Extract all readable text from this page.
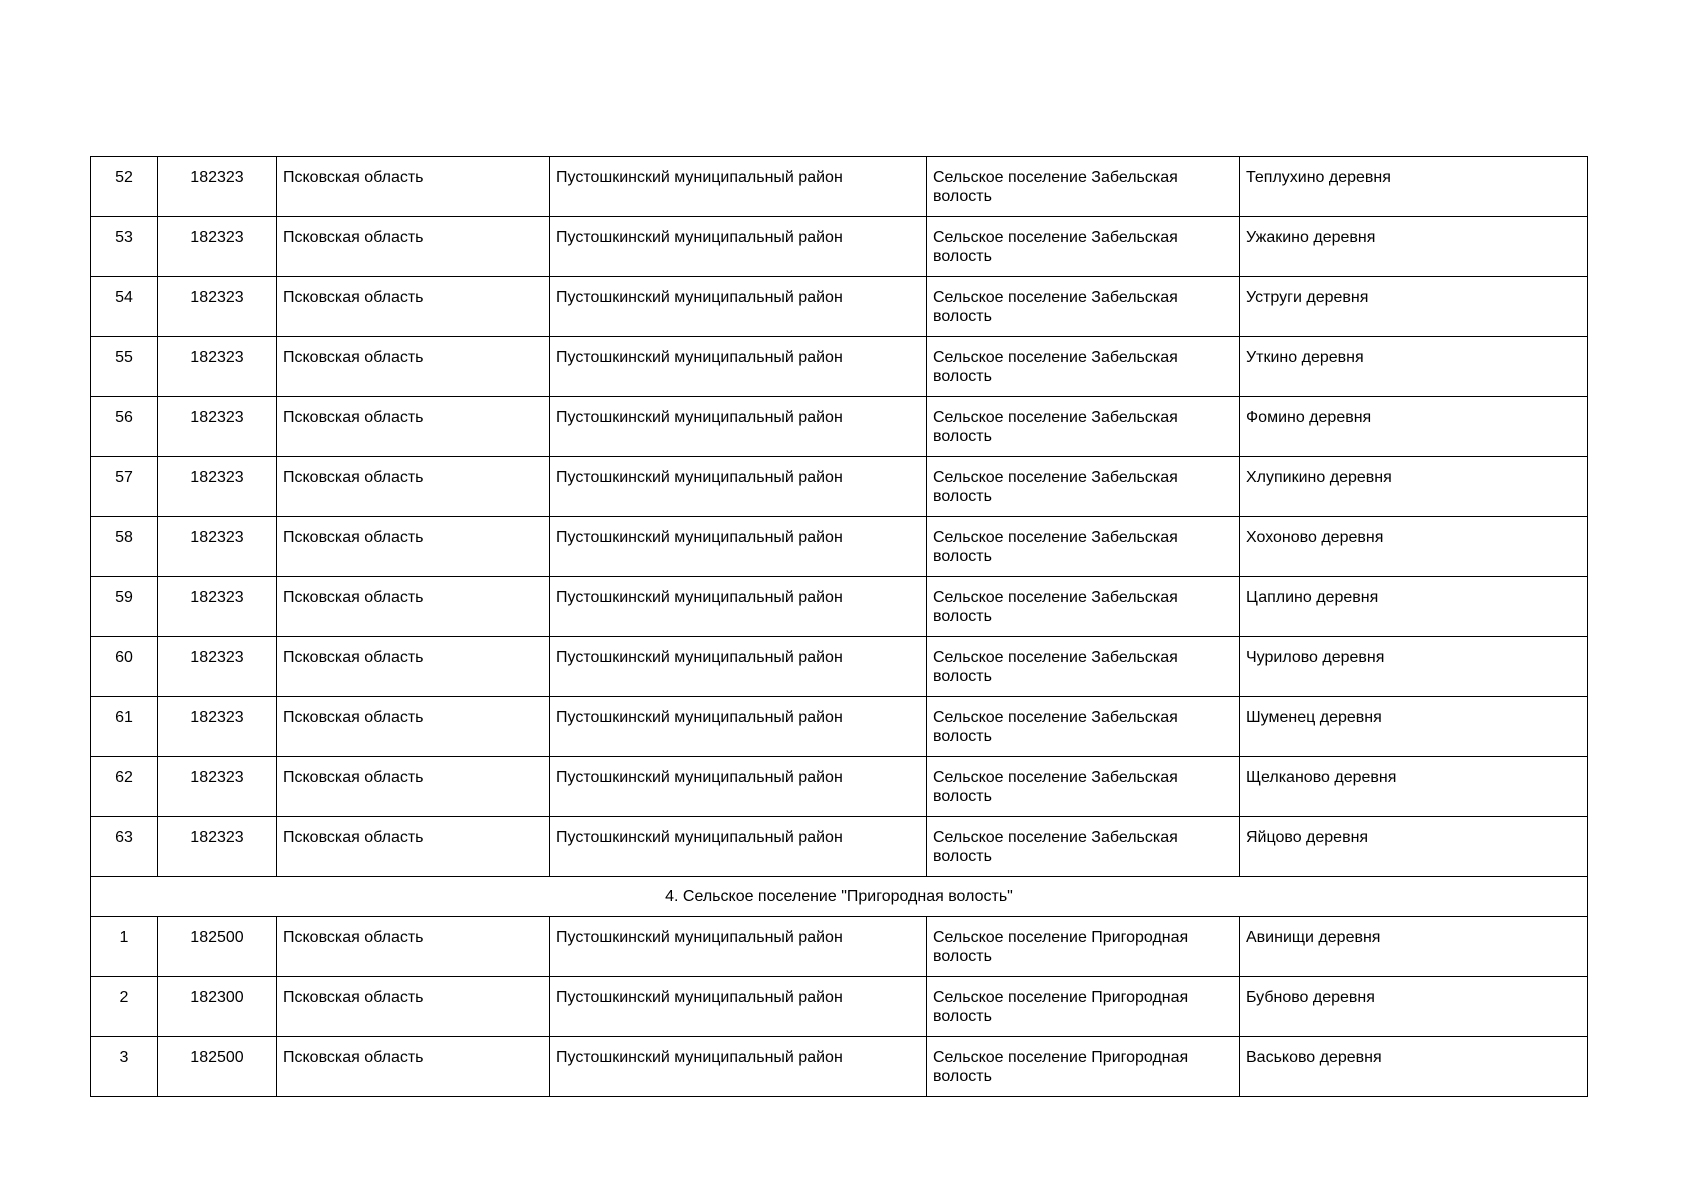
52	182323	Псковская область	Пустошкинский муниципальный район	Сельское поселение Забельская волость	Теплухино деревня
53	182323	Псковская область	Пустошкинский муниципальный район	Сельское поселение Забельская волость	Ужакино деревня
54	182323	Псковская область	Пустошкинский муниципальный район	Сельское поселение Забельская волость	Уструги деревня
55	182323	Псковская область	Пустошкинский муниципальный район	Сельское поселение Забельская волость	Уткино деревня
56	182323	Псковская область	Пустошкинский муниципальный район	Сельское поселение Забельская волость	Фомино деревня
57	182323	Псковская область	Пустошкинский муниципальный район	Сельское поселение Забельская волость	Хлупикино деревня
58	182323	Псковская область	Пустошкинский муниципальный район	Сельское поселение Забельская волость	Хохоново деревня
59	182323	Псковская область	Пустошкинский муниципальный район	Сельское поселение Забельская волость	Цаплино деревня
60	182323	Псковская область	Пустошкинский муниципальный район	Сельское поселение Забельская волость	Чурилово деревня
61	182323	Псковская область	Пустошкинский муниципальный район	Сельское поселение Забельская волость	Шуменец деревня
62	182323	Псковская область	Пустошкинский муниципальный район	Сельское поселение Забельская волость	Щелканово деревня
63	182323	Псковская область	Пустошкинский муниципальный район	Сельское поселение Забельская волость	Яйцово деревня
4. Сельское поселение "Пригородная волость"					
1	182500	Псковская область	Пустошкинский муниципальный район	Сельское поселение Пригородная волость	Авинищи деревня
2	182300	Псковская область	Пустошкинский муниципальный район	Сельское поселение Пригородная волость	Бубново деревня
3	182500	Псковская область	Пустошкинский муниципальный район	Сельское поселение Пригородная волость	Васьково деревня
